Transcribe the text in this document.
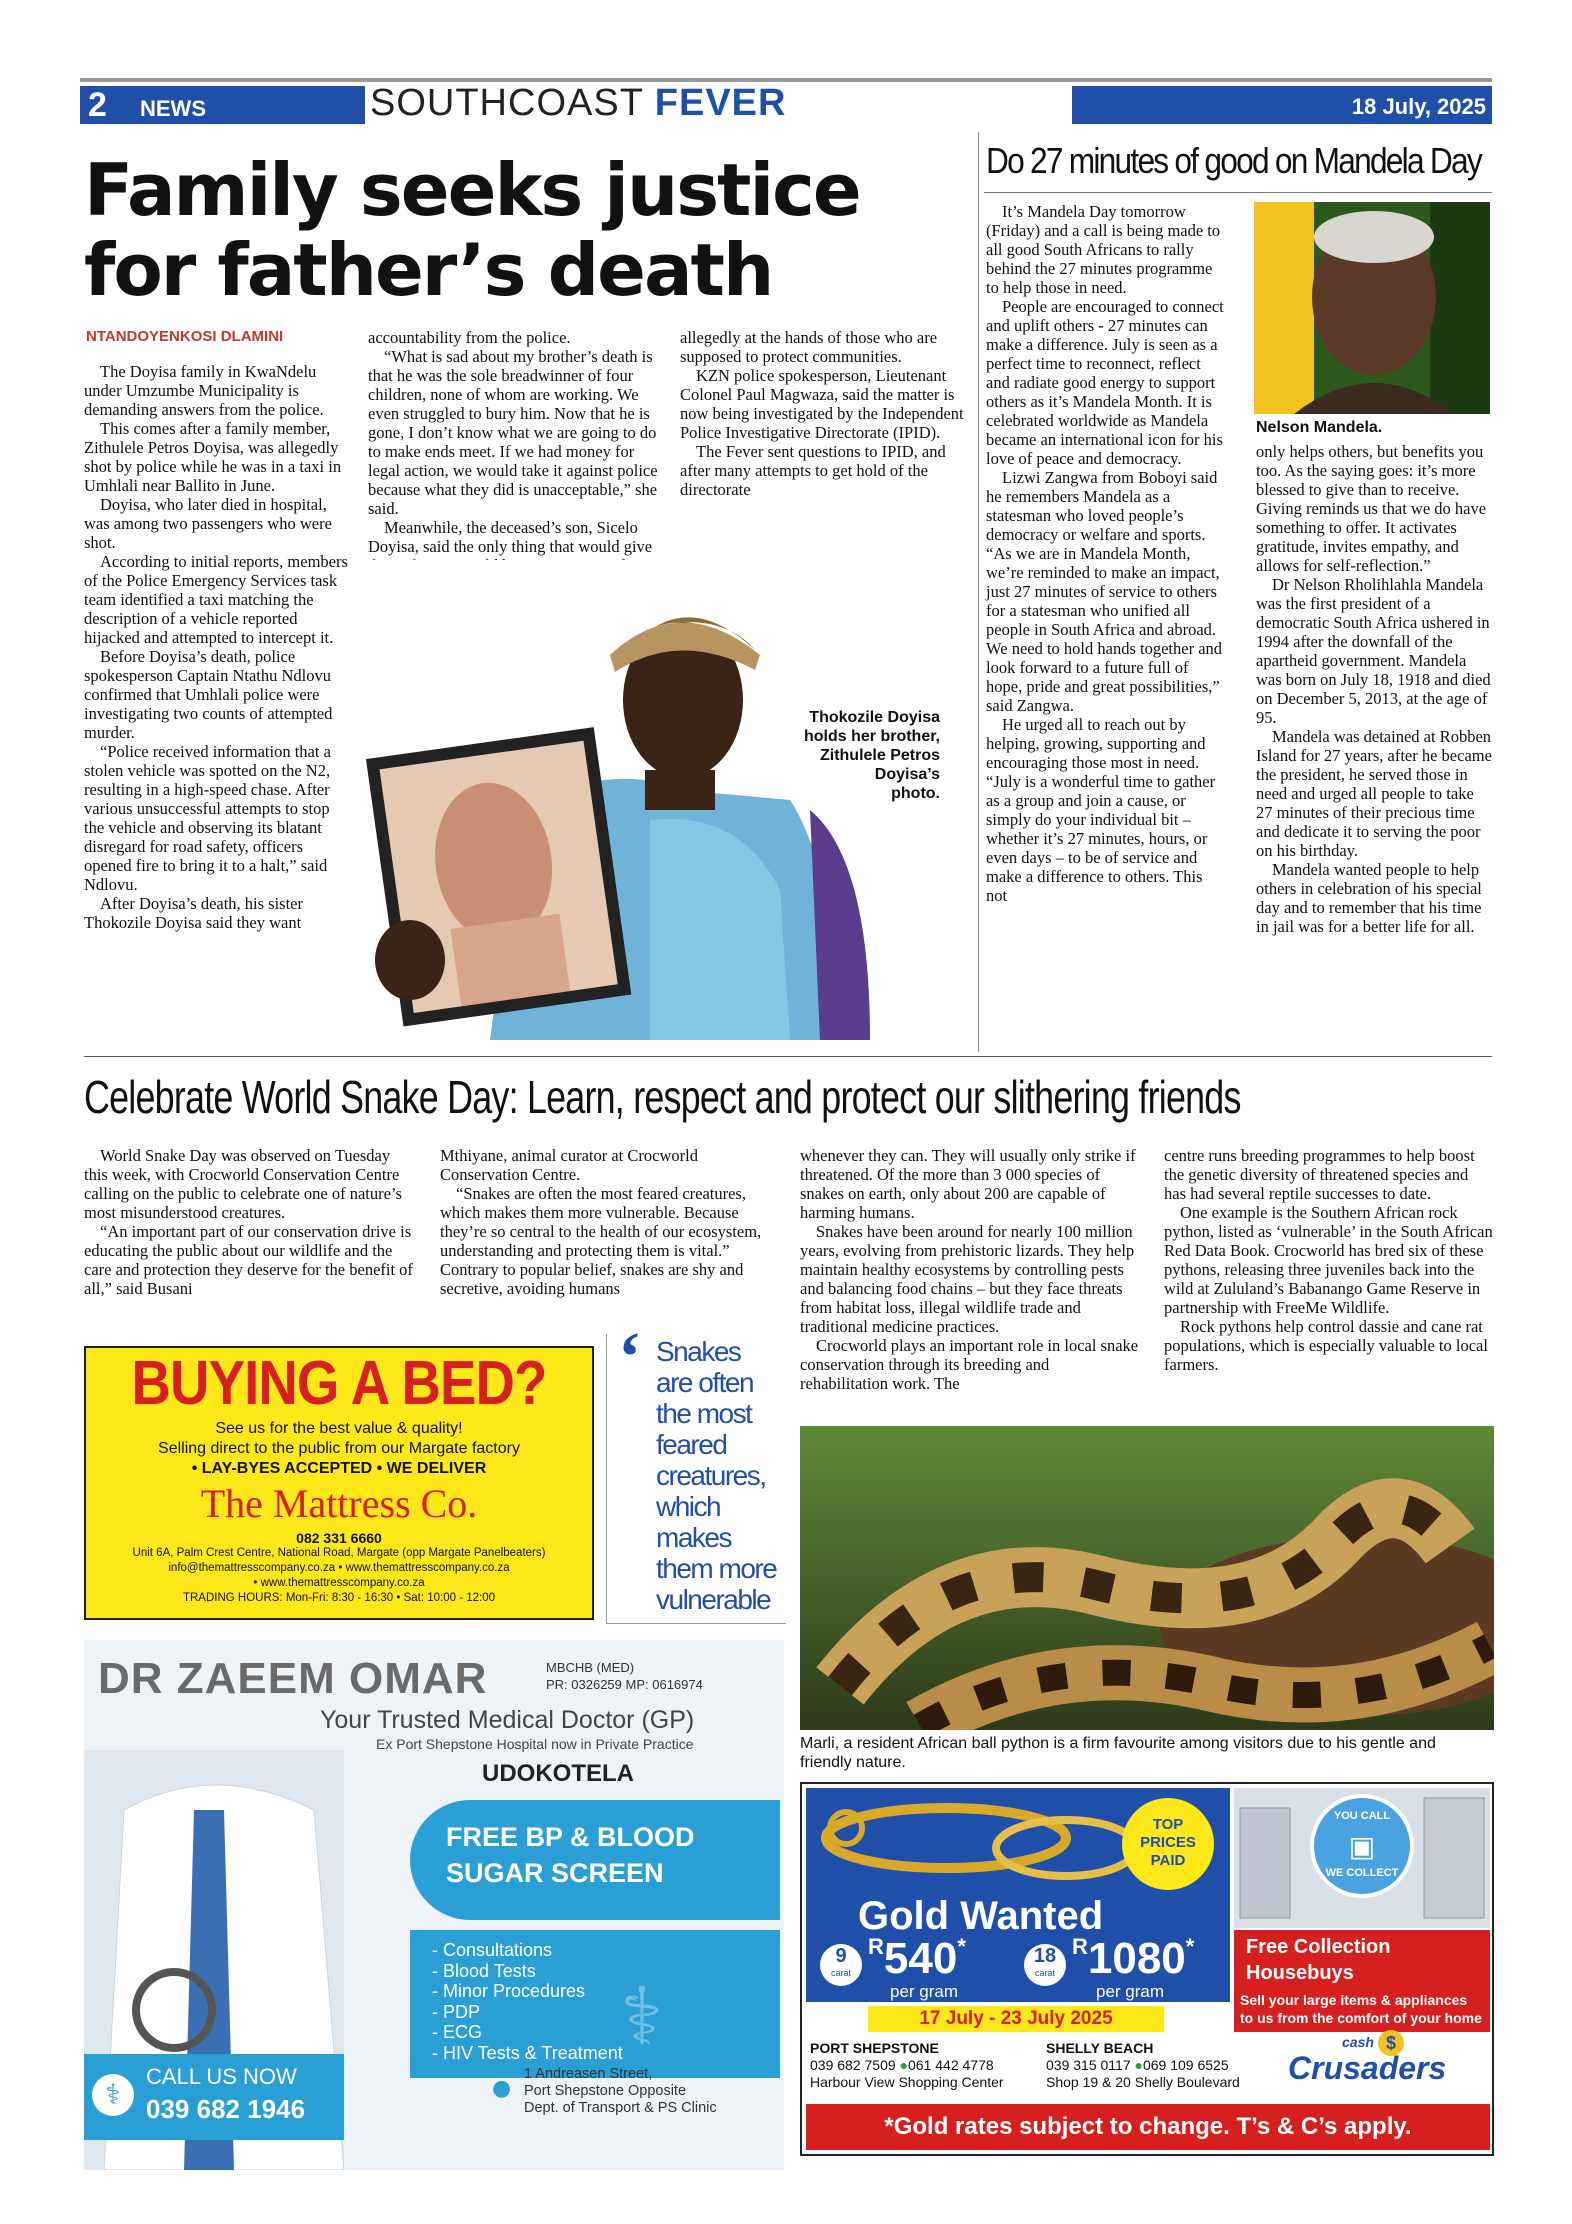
2 NEWS	SOUTHCOAST FEVER	18 July, 2025
Family seeks justice
for father’s death
NTANDOYENKOSI DLAMINI

The Doyisa family in KwaNdelu under Umzumbe Municipality is demanding answers from the police.

This comes after a family member, Zithulele Petros Doyisa, was allegedly shot by police while he was in a taxi in Umhlali near Ballito in June.

Doyisa, who later died in hospital, was among two passengers who were shot.

According to initial reports, members of the Police Emergency Services task team identified a taxi matching the description of a vehicle reported hijacked and attempted to intercept it.

Before Doyisa’s death, police spokesperson Captain Ntathu Ndlovu confirmed that Umhlali police were investigating two counts of attempted murder.

“Police received information that a stolen vehicle was spotted on the N2, resulting in a high-speed chase. After various unsuccessful attempts to stop the vehicle and observing its blatant disregard for road safety, officers opened fire to bring it to a halt,” said Ndlovu.

After Doyisa’s death, his sister Thokozile Doyisa said they want

accountability from the police.

“What is sad about my brother’s death is that he was the sole breadwinner of four children, none of whom are working. We even struggled to bury him. Now that he is gone, I don’t know what we are going to do to make ends meet. If we had money for legal action, we would take it against police because what they did is unacceptable,” she said.

Meanwhile, the deceased’s son, Sicelo Doyisa, said the only thing that would give

allegedly at the hands of those who are supposed to protect communities.

KZN police spokesperson, Lieutenant Colonel Paul Magwaza, said the matter is now being investigated by the Independent Police Investigative Directorate (IPID).

The Fever sent questions to IPID, and after many attempts to get hold of the directorate

Thokozile Doyisa
holds her brother,
Zithulele Petros
Doyisa’s
photo.
Do 27 minutes of good on Mandela Day

It’s Mandela Day tomorrow (Friday) and a call is being made to all good South Africans to rally behind the 27 minutes programme to help those in need.

People are encouraged to connect and uplift others - 27 minutes can make a difference. July is seen as a perfect time to reconnect, reflect and radiate good energy to support others as it’s Mandela Month. It is celebrated worldwide as Mandela became an international icon for his love of peace and democracy.

Lizwi Zangwa from Boboyi said he remembers Mandela as a statesman who loved people’s democracy or welfare and sports. “As we are in Mandela Month, we’re reminded to make an impact, just 27 minutes of service to others for a statesman who unified all people in South Africa and abroad. We need to hold hands together and look forward to a future full of hope, pride and great possibilities,” said Zangwa.

He urged all to reach out by helping, growing, supporting and encouraging those most in need. “July is a wonderful time to gather as a group and join a cause, or simply do your individual bit – whether it’s 27 minutes, hours, or even days – to be of service and make a difference to others. This not

Nelson Mandela.

only helps others, but benefits you too. As the saying goes: it’s more blessed to give than to receive. Giving reminds us that we do have something to offer. It activates gratitude, invites empathy, and allows for self-reflection.”

Dr Nelson Rholihlahla Mandela was the first president of a democratic South Africa ushered in 1994 after the downfall of the apartheid government. Mandela was born on July 18, 1918 and died on December 5, 2013, at the age of 95.

Mandela was detained at Robben Island for 27 years, after he became the president, he served those in need and urged all people to take 27 minutes of their precious time and dedicate it to serving the poor on his birthday.

Mandela wanted people to help others in celebration of his special day and to remember that his time in jail was for a better life for all.

Celebrate World Snake Day: Learn, respect and protect our slithering friends

World Snake Day was observed on Tuesday this week, with Crocworld Conservation Centre calling on the public to celebrate one of nature’s most misunderstood creatures.

“An important part of our conservation drive is educating the public about our wildlife and the care and protection they deserve for the benefit of all,” said Busani

Mthiyane, animal curator at Crocworld Conservation Centre.

“Snakes are often the most feared creatures, which makes them more vulnerable. Because they’re so central to the health of our ecosystem, understanding and protecting them is vital.” Contrary to popular belief, snakes are shy and secretive, avoiding humans

whenever they can. They will usually only strike if threatened. Of the more than 3 000 species of snakes on earth, only about 200 are capable of harming humans.

Snakes have been around for nearly 100 million years, evolving from prehistoric lizards. They help maintain healthy ecosystems by controlling pests and balancing food chains – but they face threats from habitat loss, illegal wildlife trade and traditional medicine practices.

Crocworld plays an important role in local snake conservation through its breeding and rehabilitation work. The

centre runs breeding programmes to help boost the genetic diversity of threatened species and has had several reptile successes to date.

One example is the Southern African rock python, listed as ‘vulnerable’ in the South African Red Data Book. Crocworld has bred six of these pythons, releasing three juveniles back into the wild at Zululand’s Babanango Game Reserve in partnership with FreeMe Wildlife.

Rock pythons help control dassie and cane rat populations, which is especially valuable to local farmers.

‘ Snakes
are often
the most
feared
creatures,
which
makes
them more
vulnerable
Marli, a resident African ball python is a firm favourite among visitors due to his gentle and friendly nature.
BUYING A BED?
See us for the best value & quality!
Selling direct to the public from our Margate factory
• LAY-BYES ACCEPTED • WE DELIVER
The Mattress Co.
082 331 6660
Unit 6A, Palm Crest Centre, National Road, Margate (opp Margate Panelbeaters)
info@themattresscompany.co.za • www.themattresscompany.co.za
• www.themattresscompany.co.za
TRADING HOURS: Mon-Fri: 8:30 - 16:30 • Sat: 10:00 - 12:00
DR ZAEEM OMAR	MBCHB (MED)
PR: 0326259 MP: 0616974
Your Trusted Medical Doctor (GP)
Ex Port Shepstone Hospital now in Private Practice
UDOKOTELA
FREE BP & BLOOD
SUGAR SCREEN
- Consultations
- Blood Tests
- Minor Procedures
- PDP
- ECG
- HIV Tests & Treatment
⚕
⚕
CALL US NOW
039 682 1946
●
1 Andreasen Street,
Port Shepstone Opposite
Dept. of Transport & PS Clinic
TOP
PRICES
PAID
Gold Wanted
9
carat
$^R$540*
per gram
18
carat
$^R$1080*
per gram
17 July - 23 July 2025
YOU CALL
▣
WE COLLECT
Free Collection
Housebuys
Sell your large items & appliances
to us from the comfort of your home
PORT SHEPSTONE
039 682 7509 ●061 442 4778
Harbour View Shopping Center
SHELLY BEACH
039 315 0117 ●069 109 6525
Shop 19 & 20 Shelly Boulevard
cash $
Crusaders
*Gold rates subject to change. T’s & C’s apply.
